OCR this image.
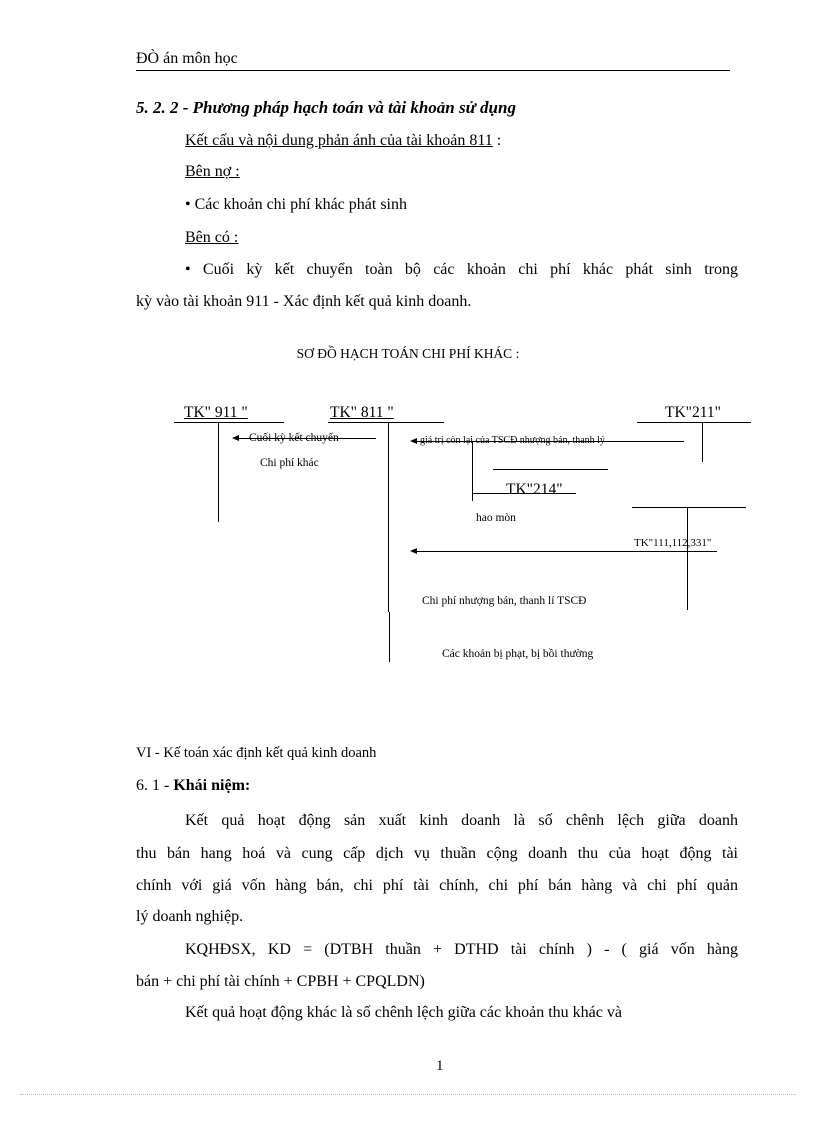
ĐÒ án môn học
5. 2. 2 - Phương pháp hạch toán và tài khoản sử dụng
Kết cấu và nội dung phản ánh của tài khoản 811 :
Bên nợ :
• Các khoản chi phí khác phát sinh
Bên có :
• Cuối kỳ kết chuyển toàn bộ các khoản chi phí khác phát sinh trong
kỳ vào tài khoản 911 - Xác định kết quả kinh doanh.
SƠ ĐỒ HẠCH TOÁN CHI PHÍ KHÁC :
TK" 911 "	TK" 811 "	TK"211"
Cuối kỳ kết chuyển
Chi phí khác
giá trị còn lại của TSCĐ nhượng bán, thanh lý
TK"214"
hao mòn
TK"111,112,331"
Chi phí nhượng bán, thanh lí TSCĐ
Các khoản bị phạt, bị bồi thường
VI - Kế toán xác định kết quả kinh doanh
6. 1 - Khái niệm:
Kết quả hoạt động sản xuất kinh doanh là số chênh lệch giữa doanh
thu bán hang hoá và cung cấp dịch vụ thuần cộng doanh thu của hoạt động tài
chính với giá vốn hàng bán, chi phí tài chính, chi phí bán hàng và chi phí quản
lý doanh nghiệp.
KQHĐSX, KD = (DTBH thuần + DTHD tài chính ) - ( giá vốn hàng
bán + chi phí tài chính + CPBH + CPQLDN)
Kết quả hoạt động khác là số chênh lệch giữa các khoản thu khác và
1
